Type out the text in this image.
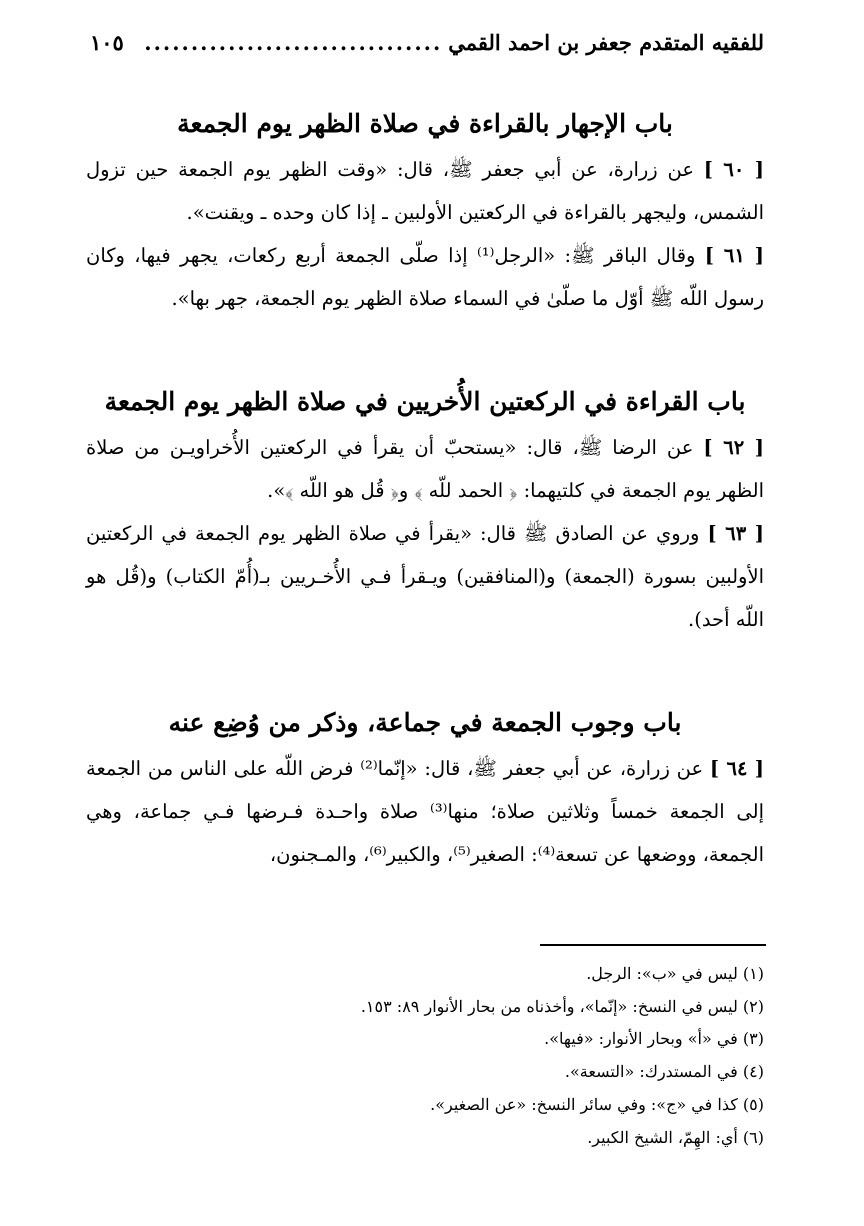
للفقيه المتقدم جعفر بن احمد القمي
................................
١٠٥
باب الإجهار بالقراءة في صلاة الظهر يوم الجمعة

[ ٦٠ ] عن زرارة، عن أبي جعفر ﷺ، قال: «وقت الظهر يوم الجمعة حين تزول الشمس، وليجهر بالقراءة في الركعتين الأولبين ـ إذا كان وحده ـ ويقنت».

[ ٦١ ] وقال الباقر ﷺ: «الرجل⁽¹⁾ إذا صلّى الجمعة أربع ركعات، يجهر فيها، وكان رسول اللّه ﷺ أوّل ما صلّىٰ في السماء صلاة الظهر يوم الجمعة، جهر بها».

باب القراءة في الركعتين الأُخريين في صلاة الظهر يوم الجمعة

[ ٦٢ ] عن الرضا ﷺ، قال: «يستحبّ أن يقرأ في الركعتين الأُخراويـن من صلاة الظهر يوم الجمعة في كلتيهما: ﴿ الحمد للّه ﴾ و﴿ قُل هو اللّه ﴾».

[ ٦٣ ] وروي عن الصادق ﷺ قال: «يقرأ في صلاة الظهر يوم الجمعة في الركعتين الأولبين بسورة (الجمعة) و(المنافقين) ويـقرأ فـي الأُخـريين بـ(أُمّ الكتاب) و(قُل هو اللّه أحد).

باب وجوب الجمعة في جماعة، وذكر من وُضِع عنه

[ ٦٤ ] عن زرارة، عن أبي جعفر ﷺ، قال: «إنّما⁽²⁾ فرض اللّه على الناس من الجمعة إلى الجمعة خمساً وثلاثين صلاة؛ منها⁽³⁾ صلاة واحـدة فـرضها فـي جماعة، وهي الجمعة، ووضعها عن تسعة⁽⁴⁾: الصغير⁽⁵⁾، والكبير⁽⁶⁾، والمـجنون،

(١) ليس في «ب»: الرجل.
(٢) ليس في النسخ: «إنّما»، وأخذناه من بحار الأنوار ٨٩: ١٥٣.
(٣) في «أ» وبحار الأنوار: «فيها».
(٤) في المستدرك: «التسعة».
(٥) كذا في «ج»: وفي سائر النسخ: «عن الصغير».
(٦) أي: الهِمّ، الشيخ الكبير.
